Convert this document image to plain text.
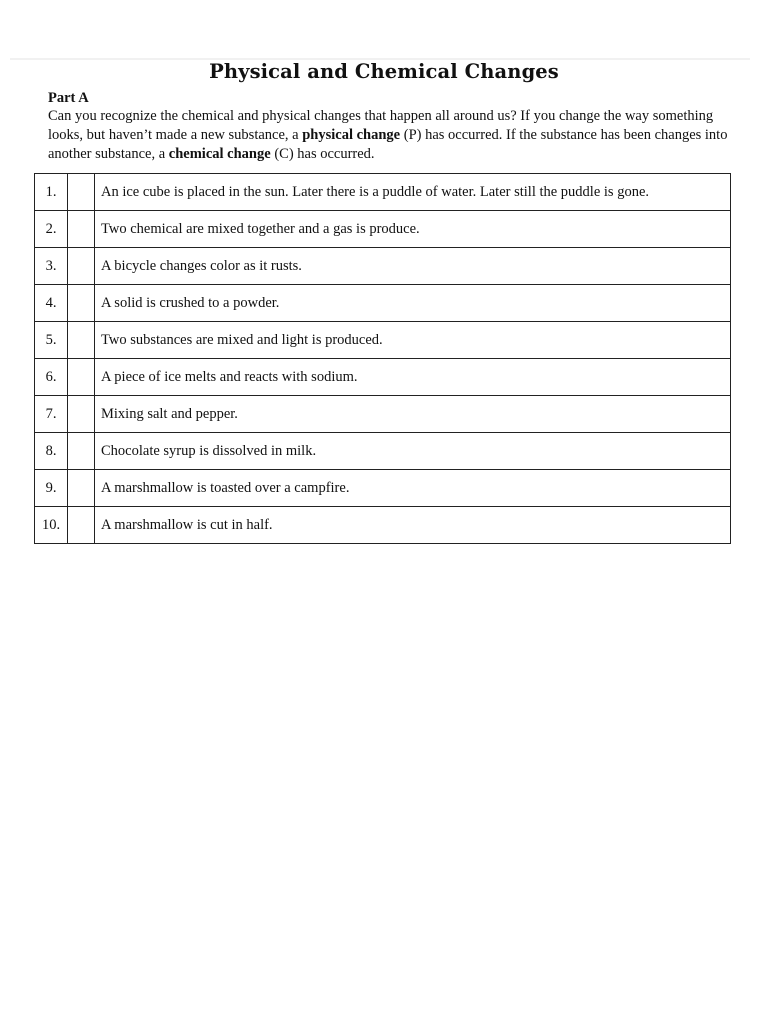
Physical and Chemical Changes
Part A
Can you recognize the chemical and physical changes that happen all around us? If you change the way something looks, but haven’t made a new substance, a physical change (P) has occurred. If the substance has been changes into another substance, a chemical change (C) has occurred.
1.		An ice cube is placed in the sun. Later there is a puddle of water. Later still the puddle is gone.
2.		Two chemical are mixed together and a gas is produce.
3.		A bicycle changes color as it rusts.
4.		A solid is crushed to a powder.
5.		Two substances are mixed and light is produced.
6.		A piece of ice melts and reacts with sodium.
7.		Mixing salt and pepper.
8.		Chocolate syrup is dissolved in milk.
9.		A marshmallow is toasted over a campfire.
10.		A marshmallow is cut in half.
